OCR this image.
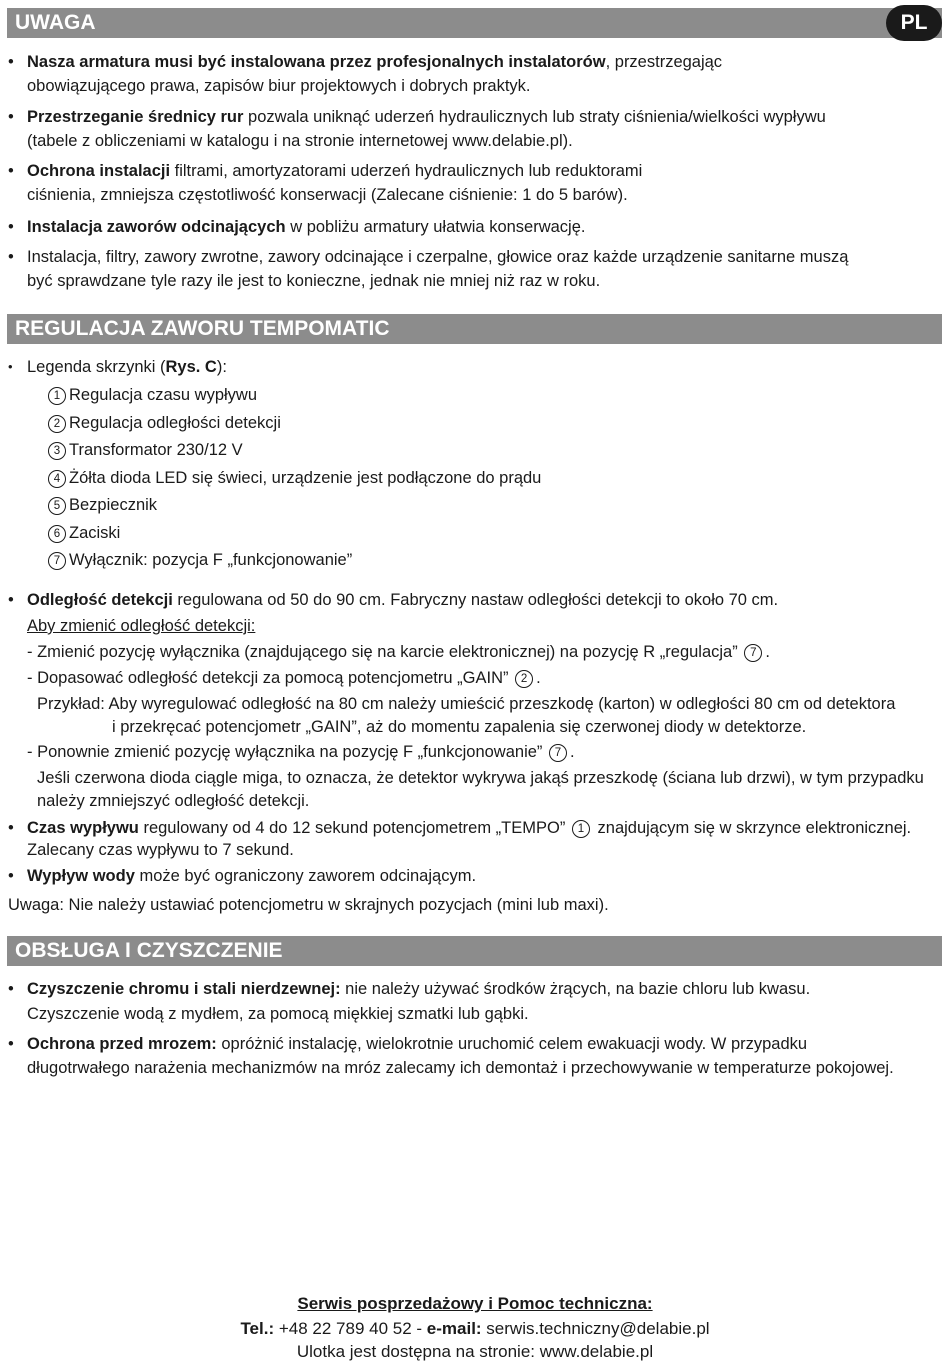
UWAGA	PL
• Nasza armatura musi być instalowana przez profesjonalnych instalatorów, przestrzegając
obowiązującego prawa, zapisów biur projektowych i dobrych praktyk.
• Przestrzeganie średnicy rur pozwala uniknąć uderzeń hydraulicznych lub straty ciśnienia/wielkości wypływu
(tabele z obliczeniami w katalogu i na stronie internetowej www.delabie.pl).
• Ochrona instalacji filtrami, amortyzatorami uderzeń hydraulicznych lub reduktorami
ciśnienia, zmniejsza częstotliwość konserwacji (Zalecane ciśnienie: 1 do 5 barów).
• Instalacja zaworów odcinających w pobliżu armatury ułatwia konserwację.
• Instalacja, filtry, zawory zwrotne, zawory odcinające i czerpalne, głowice oraz każde urządzenie sanitarne muszą
być sprawdzane tyle razy ile jest to konieczne, jednak nie mniej niż raz w roku.
REGULACJA ZAWORU TEMPOMATIC
• Legenda skrzynki (Rys. C):
1 Regulacja czasu wypływu
2 Regulacja odległości detekcji
3 Transformator 230/12 V
4 Żółta dioda LED się świeci, urządzenie jest podłączone do prądu
5 Bezpiecznik
6 Zaciski
7 Wyłącznik: pozycja F „funkcjonowanie”
• Odległość detekcji regulowana od 50 do 90 cm. Fabryczny nastaw odległości detekcji to około 70 cm.
Aby zmienić odległość detekcji:
- Zmienić pozycję wyłącznika (znajdującego się na karcie elektronicznej) na pozycję R „regulacja” 7 .
- Dopasować odległość detekcji za pomocą potencjometru „GAIN” 2 .
Przykład: Aby wyregulować odległość na 80 cm należy umieścić przeszkodę (karton) w odległości 80 cm od detektora
i przekręcać potencjometr „GAIN”, aż do momentu zapalenia się czerwonej diody w detektorze.
- Ponownie zmienić pozycję wyłącznika na pozycję F „funkcjonowanie” 7 .
Jeśli czerwona dioda ciągle miga, to oznacza, że detektor wykrywa jakąś przeszkodę (ściana lub drzwi), w tym przypadku
należy zmniejszyć odległość detekcji.
• Czas wypływu regulowany od 4 do 12 sekund potencjometrem „TEMPO” 1 znajdującym się w skrzynce elektronicznej.
Zalecany czas wypływu to 7 sekund.
• Wypływ wody może być ograniczony zaworem odcinającym.
Uwaga: Nie należy ustawiać potencjometru w skrajnych pozycjach (mini lub maxi).
OBSŁUGA I CZYSZCZENIE
• Czyszczenie chromu i stali nierdzewnej: nie należy używać środków żrących, na bazie chloru lub kwasu.
Czyszczenie wodą z mydłem, za pomocą miękkiej szmatki lub gąbki.
• Ochrona przed mrozem: opróżnić instalację, wielokrotnie uruchomić celem ewakuacji wody. W przypadku
długotrwałego narażenia mechanizmów na mróz zalecamy ich demontaż i przechowywanie w temperaturze pokojowej.
Serwis posprzedażowy i Pomoc techniczna:
Tel.: +48 22 789 40 52 - e-mail: serwis.techniczny@delabie.pl
Ulotka jest dostępna na stronie: www.delabie.pl
